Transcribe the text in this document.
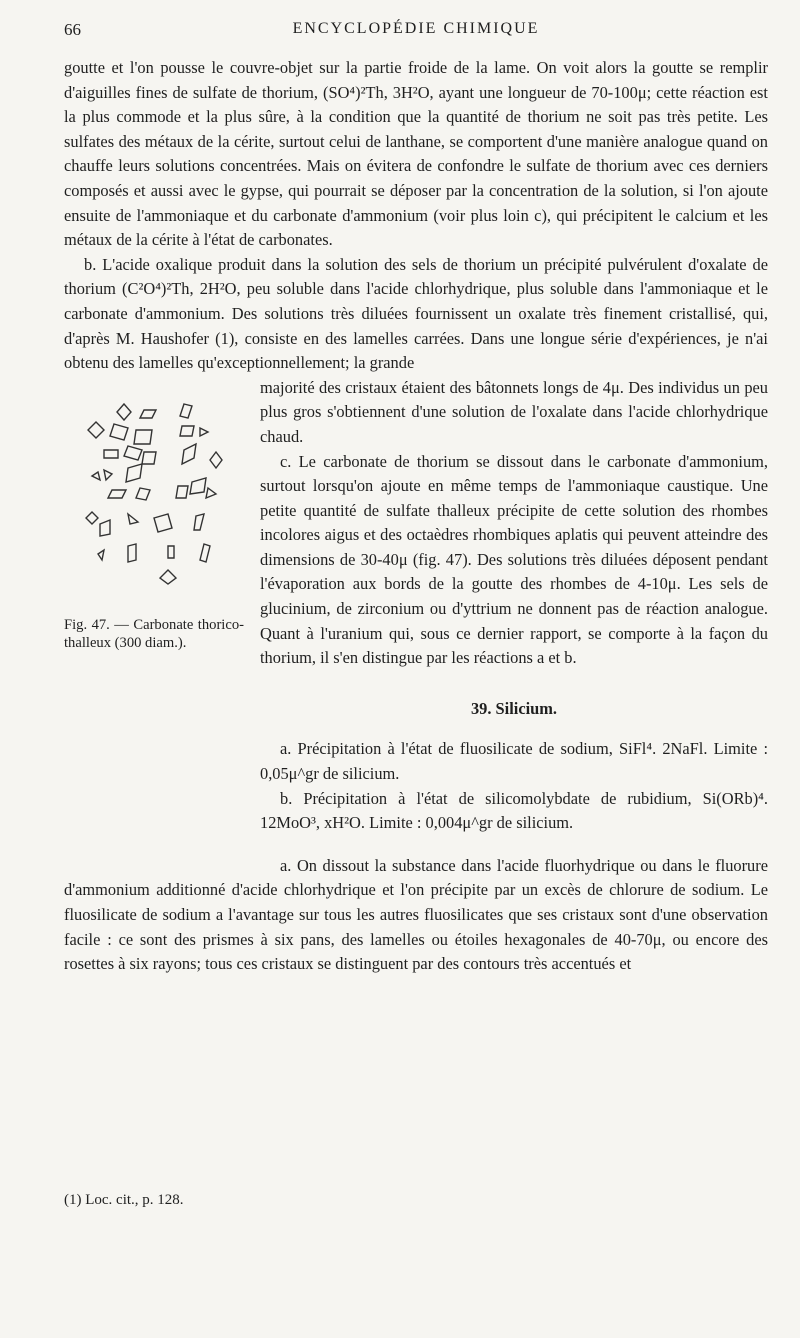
66	ENCYCLOPÉDIE CHIMIQUE

goutte et l'on pousse le couvre-objet sur la partie froide de la lame. On voit alors la goutte se remplir d'aiguilles fines de sulfate de thorium, (SO⁴)²Th, 3H²O, ayant une longueur de 70-100μ; cette réaction est la plus commode et la plus sûre, à la condition que la quantité de thorium ne soit pas très petite. Les sulfates des métaux de la cérite, surtout celui de lanthane, se comportent d'une manière analogue quand on chauffe leurs solutions concentrées. Mais on évitera de confondre le sulfate de thorium avec ces derniers composés et aussi avec le gypse, qui pourrait se déposer par la concentration de la solution, si l'on ajoute ensuite de l'ammoniaque et du carbonate d'ammonium (voir plus loin c), qui précipitent le calcium et les métaux de la cérite à l'état de carbonates.

b. L'acide oxalique produit dans la solution des sels de thorium un précipité pulvérulent d'oxalate de thorium (C²O⁴)²Th, 2H²O, peu soluble dans l'acide chlorhydrique, plus soluble dans l'ammoniaque et le carbonate d'ammonium. Des solutions très diluées fournissent un oxalate très finement cristallisé, qui, d'après M. Haushofer (1), consiste en des lamelles carrées. Dans une longue série d'expériences, je n'ai obtenu des lamelles qu'exceptionnellement; la grande

Fig. 47. — Carbonate thorico-thalleux (300 diam.).

majorité des cristaux étaient des bâtonnets longs de 4μ. Des individus un peu plus gros s'obtiennent d'une solution de l'oxalate dans l'acide chlorhydrique chaud.

c. Le carbonate de thorium se dissout dans le carbonate d'ammonium, surtout lorsqu'on ajoute en même temps de l'ammoniaque caustique. Une petite quantité de sulfate thalleux précipite de cette solution des rhombes incolores aigus et des octaèdres rhombiques aplatis qui peuvent atteindre des dimensions de 30-40μ (fig. 47). Des solutions très diluées déposent pendant l'évaporation aux bords de la goutte des rhombes de 4-10μ. Les sels de glucinium, de zirconium ou d'yttrium ne donnent pas de réaction analogue. Quant à l'uranium qui, sous ce dernier rapport, se comporte à la façon du thorium, il s'en distingue par les réactions a et b.

39. Silicium.

a. Précipitation à l'état de fluosilicate de sodium, SiFl⁴. 2NaFl. Limite : 0,05μ^gr de silicium.

b. Précipitation à l'état de silicomolybdate de rubidium, Si(ORb)⁴. 12MoO³, xH²O. Limite : 0,004μ^gr de silicium.

a. On dissout la substance dans l'acide fluorhydrique ou dans le fluorure d'ammonium additionné d'acide chlorhydrique et l'on précipite par un excès de chlorure de sodium. Le fluosilicate de sodium a l'avantage sur tous les autres fluosilicates que ses cristaux sont d'une observation facile : ce sont des prismes à six pans, des lamelles ou étoiles hexagonales de 40-70μ, ou encore des rosettes à six rayons; tous ces cristaux se distinguent par des contours très accentués et

(1) Loc. cit., p. 128.
